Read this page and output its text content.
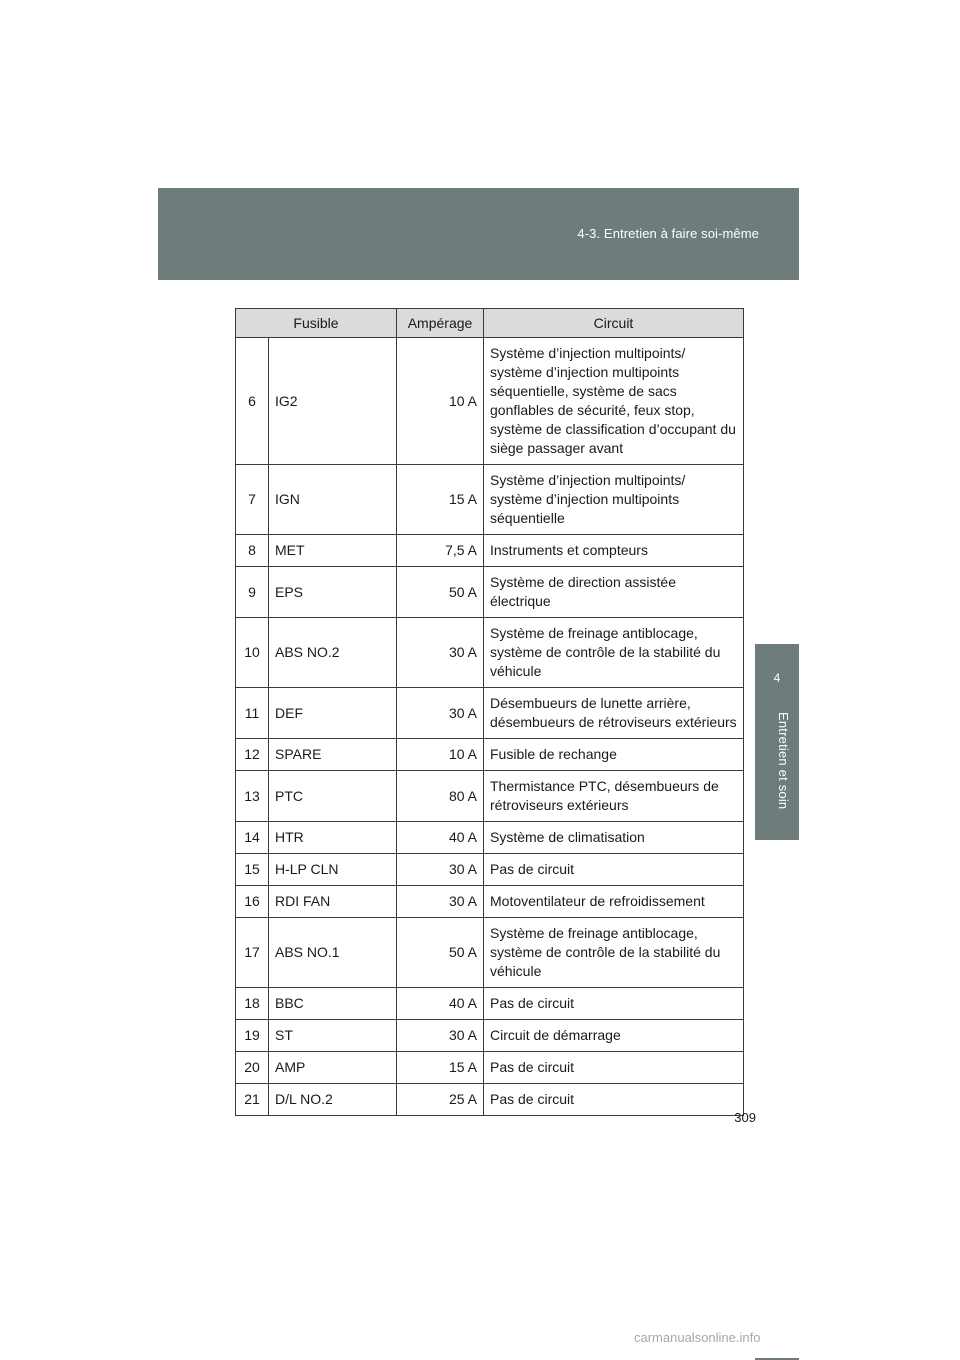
4-3. Entretien à faire soi-même
4
Entretien et soin
Fusible		Ampérage	Circuit
6	IG2	10 A	Système d’injection multipoints/ système d’injection multipoints séquentielle, système de sacs gonflables de sécurité, feux stop, système de classification d’occupant du siège passager avant
7	IGN	15 A	Système d’injection multipoints/ système d’injection multipoints séquentielle
8	MET	7,5 A	Instruments et compteurs
9	EPS	50 A	Système de direction assistée électrique
10	ABS NO.2	30 A	Système de freinage antiblocage, système de contrôle de la stabilité du véhicule
11	DEF	30 A	Désembueurs de lunette arrière, désembueurs de rétroviseurs extérieurs
12	SPARE	10 A	Fusible de rechange
13	PTC	80 A	Thermistance PTC, désembueurs de rétroviseurs extérieurs
14	HTR	40 A	Système de climatisation
15	H-LP CLN	30 A	Pas de circuit
16	RDI FAN	30 A	Motoventilateur de refroidissement
17	ABS NO.1	50 A	Système de freinage antiblocage, système de contrôle de la stabilité du véhicule
18	BBC	40 A	Pas de circuit
19	ST	30 A	Circuit de démarrage
20	AMP	15 A	Pas de circuit
21	D/L NO.2	25 A	Pas de circuit
309
carmanualsonline.info
